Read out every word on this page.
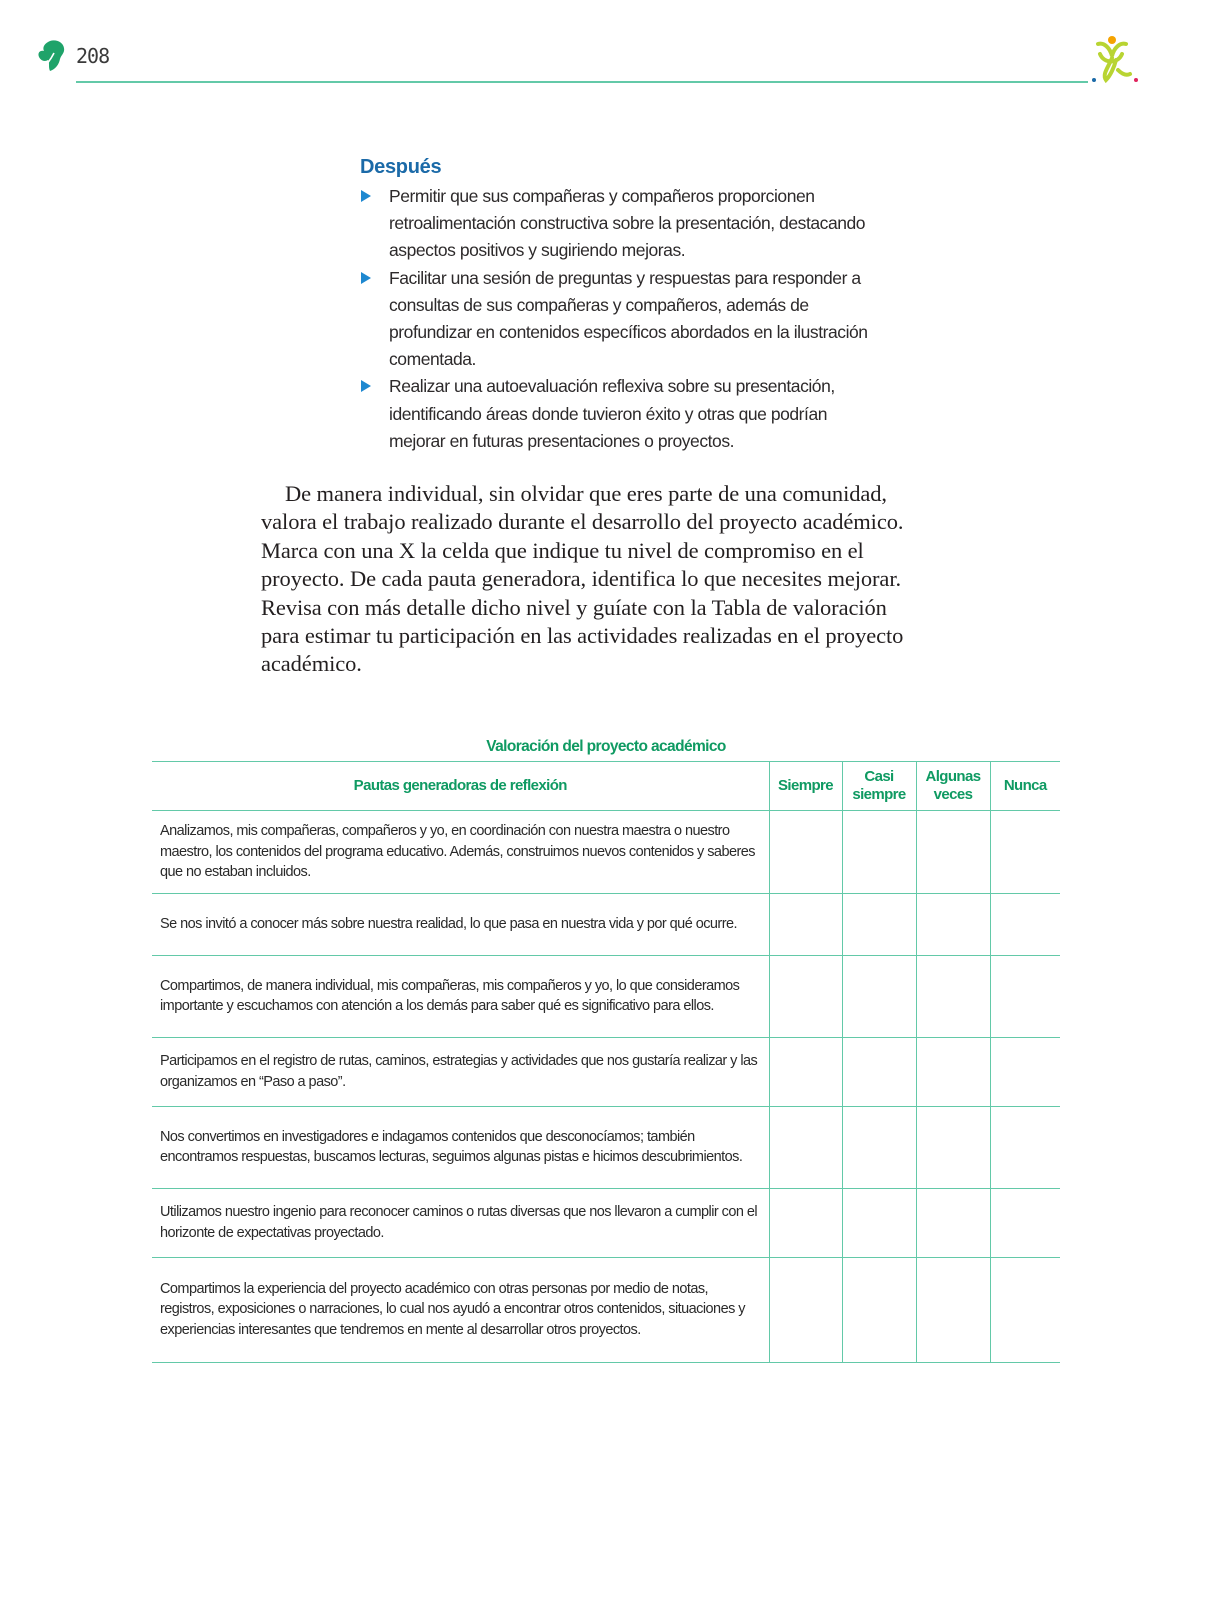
208
Después
Permitir que sus compañeras y compañeros proporcionen retroalimentación constructiva sobre la presentación, destacando aspectos positivos y sugiriendo mejoras.
Facilitar una sesión de preguntas y respuestas para responder a consultas de sus compañeras y compañeros, además de profundizar en contenidos específicos abordados en la ilustración comentada.
Realizar una autoevaluación reflexiva sobre su presentación, identificando áreas donde tuvieron éxito y otras que podrían mejorar en futuras presentaciones o proyectos.

De manera individual, sin olvidar que eres parte de una comunidad, valora el trabajo realizado durante el desarrollo del proyecto académico. Marca con una X la celda que indique tu nivel de compromiso en el proyecto. De cada pauta generadora, identifica lo que necesites mejorar. Revisa con más detalle dicho nivel y guíate con la Tabla de valoración para estimar tu participación en las actividades realizadas en el proyecto académico.

Valoración del proyecto académico
Pautas generadoras de reflexión	Siempre	Casi siempre	Algunas veces	Nunca
Analizamos, mis compañeras, compañeros y yo, en coordinación con nuestra maestra o nuestro maestro, los contenidos del programa educativo. Además, construimos nuevos contenidos y saberes que no estaban incluidos.				
Se nos invitó a conocer más sobre nuestra realidad, lo que pasa en nuestra vida y por qué ocurre.				
Compartimos, de manera individual, mis compañeras, mis compañeros y yo, lo que consideramos importante y escuchamos con atención a los demás para saber qué es significativo para ellos.				
Participamos en el registro de rutas, caminos, estrategias y actividades que nos gustaría realizar y las organizamos en “Paso a paso”.				
Nos convertimos en investigadores e indagamos contenidos que desconocíamos; también encontramos respuestas, buscamos lecturas, seguimos algunas pistas e hicimos descubrimientos.				
Utilizamos nuestro ingenio para reconocer caminos o rutas diversas que nos llevaron a cumplir con el horizonte de expectativas proyectado.				
Compartimos la experiencia del proyecto académico con otras personas por medio de notas, registros, exposiciones o narraciones, lo cual nos ayudó a encontrar otros contenidos, situaciones y experiencias interesantes que tendremos en mente al desarrollar otros proyectos.				
